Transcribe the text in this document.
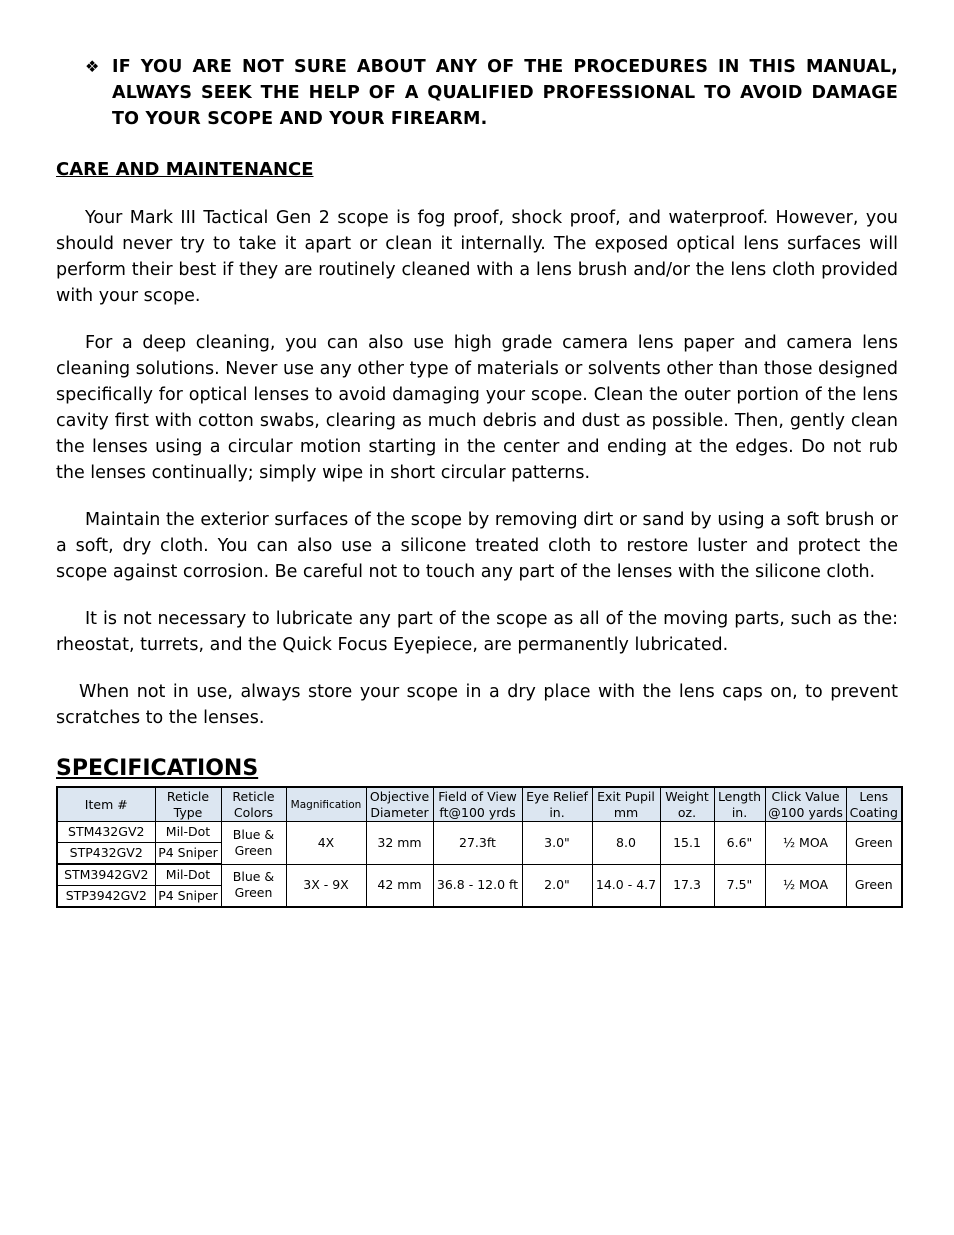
❖ IF YOU ARE NOT SURE ABOUT ANY OF THE PROCEDURES IN THIS MANUAL, ALWAYS SEEK THE HELP OF A QUALIFIED PROFESSIONAL TO AVOID DAMAGE TO YOUR SCOPE AND YOUR FIREARM.
CARE AND MAINTENANCE

Your Mark III Tactical Gen 2 scope is fog proof, shock proof, and waterproof. However, you should never try to take it apart or clean it internally. The exposed optical lens surfaces will perform their best if they are routinely cleaned with a lens brush and/or the lens cloth provided with your scope.

For a deep cleaning, you can also use high grade camera lens paper and camera lens cleaning solutions. Never use any other type of materials or solvents other than those designed specifically for optical lenses to avoid damaging your scope. Clean the outer portion of the lens cavity first with cotton swabs, clearing as much debris and dust as possible. Then, gently clean the lenses using a circular motion starting in the center and ending at the edges. Do not rub the lenses continually; simply wipe in short circular patterns.

Maintain the exterior surfaces of the scope by removing dirt or sand by using a soft brush or a soft, dry cloth. You can also use a silicone treated cloth to restore luster and protect the scope against corrosion. Be careful not to touch any part of the lenses with the silicone cloth.

It is not necessary to lubricate any part of the scope as all of the moving parts, such as the: rheostat, turrets, and the Quick Focus Eyepiece, are permanently lubricated.

When not in use, always store your scope in a dry place with the lens caps on, to prevent scratches to the lenses.

SPECIFICATIONS
Item #	Reticle Type	Reticle Colors	Magnification	Objective Diameter	Field of View ft@100 yrds	Eye Relief in.	Exit Pupil mm	Weight oz.	Length in.	Click Value @100 yards	Lens Coating
STM432GV2	Mil-Dot	Blue & Green	4X	32 mm	27.3ft	3.0"	8.0	15.1	6.6"	½ MOA	Green
STP432GV2	P4 Sniper										
STM3942GV2	Mil-Dot	Blue & Green	3X - 9X	42 mm	36.8 - 12.0 ft	2.0"	14.0 - 4.7	17.3	7.5"	½ MOA	Green
STP3942GV2	P4 Sniper										
